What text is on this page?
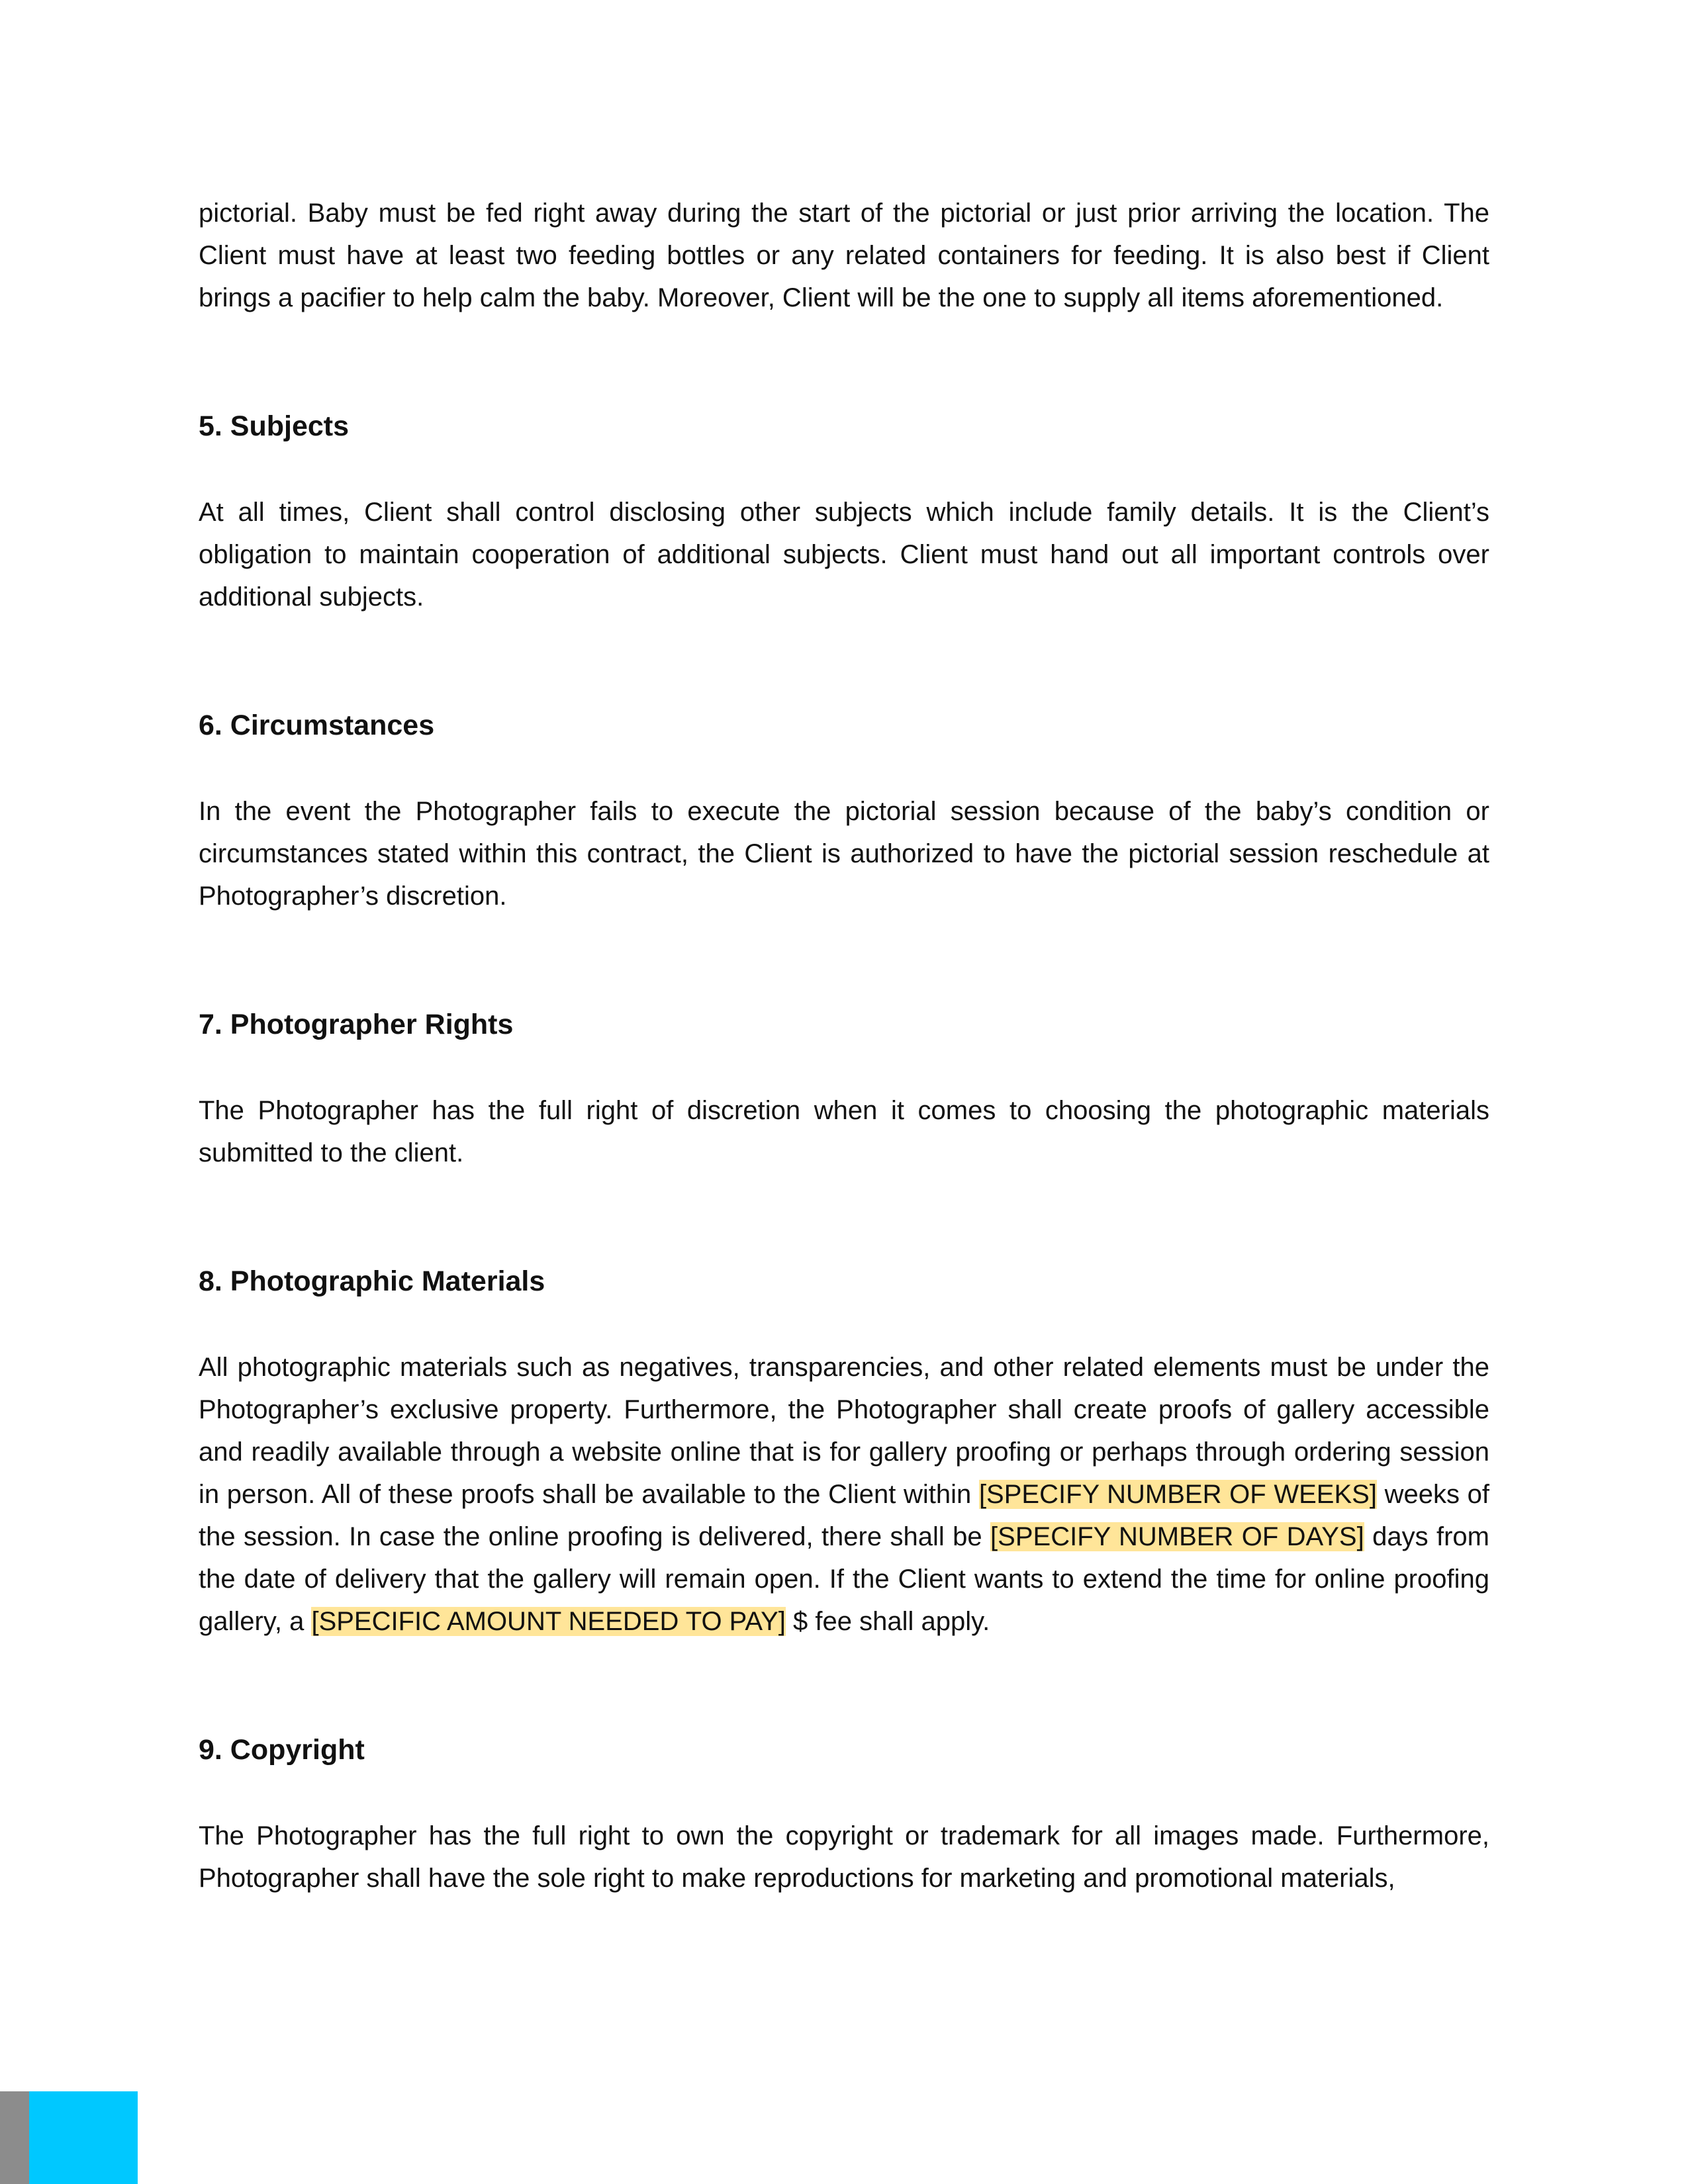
pictorial. Baby must be fed right away during the start of the pictorial or just prior arriving the location. The Client must have at least two feeding bottles or any related containers for feeding. It is also best if Client brings a pacifier to help calm the baby. Moreover, Client will be the one to supply all items aforementioned.

5. Subjects

At all times, Client shall control disclosing other subjects which include family details. It is the Client’s obligation to maintain cooperation of additional subjects. Client must hand out all important controls over additional subjects.

6. Circumstances

In the event the Photographer fails to execute the pictorial session because of the baby’s condition or circumstances stated within this contract, the Client is authorized to have the pictorial session reschedule at Photographer’s discretion.

7. Photographer Rights

The Photographer has the full right of discretion when it comes to choosing the photographic materials submitted to the client.

8. Photographic Materials

All photographic materials such as negatives, transparencies, and other related elements must be under the Photographer’s exclusive property. Furthermore, the Photographer shall create proofs of gallery accessible and readily available through a website online that is for gallery proofing or perhaps through ordering session in person. All of these proofs shall be available to the Client within [SPECIFY NUMBER OF WEEKS] weeks of the session. In case the online proofing is delivered, there shall be [SPECIFY NUMBER OF DAYS] days from the date of delivery that the gallery will remain open. If the Client wants to extend the time for online proofing gallery, a [SPECIFIC AMOUNT NEEDED TO PAY] $ fee shall apply.

9. Copyright

The Photographer has the full right to own the copyright or trademark for all images made. Furthermore, Photographer shall have the sole right to make reproductions for marketing and promotional materials,
